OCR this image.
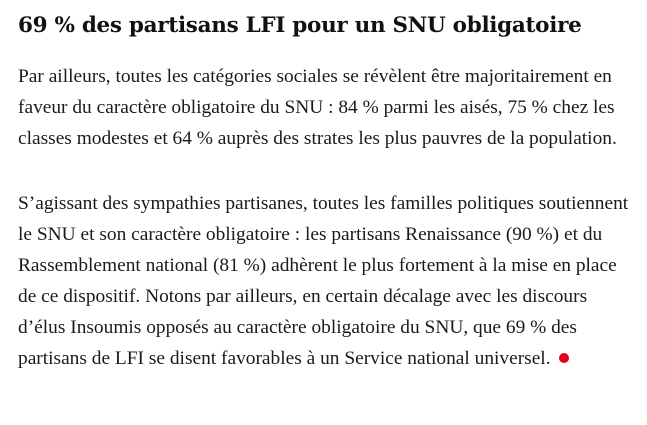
69 % des partisans LFI pour un SNU obligatoire

Par ailleurs, toutes les catégories sociales se révèlent être majoritairement en faveur du caractère obligatoire du SNU : 84 % parmi les aisés, 75 % chez les classes modestes et 64 % auprès des strates les plus pauvres de la population.

S’agissant des sympathies partisanes, toutes les familles politiques soutiennent le SNU et son caractère obligatoire : les partisans Renaissance (90 %) et du Rassemblement national (81 %) adhèrent le plus fortement à la mise en place de ce dispositif. Notons par ailleurs, en certain décalage avec les discours d’élus Insoumis opposés au caractère obligatoire du SNU, que 69 % des partisans de LFI se disent favorables à un Service national universel.
